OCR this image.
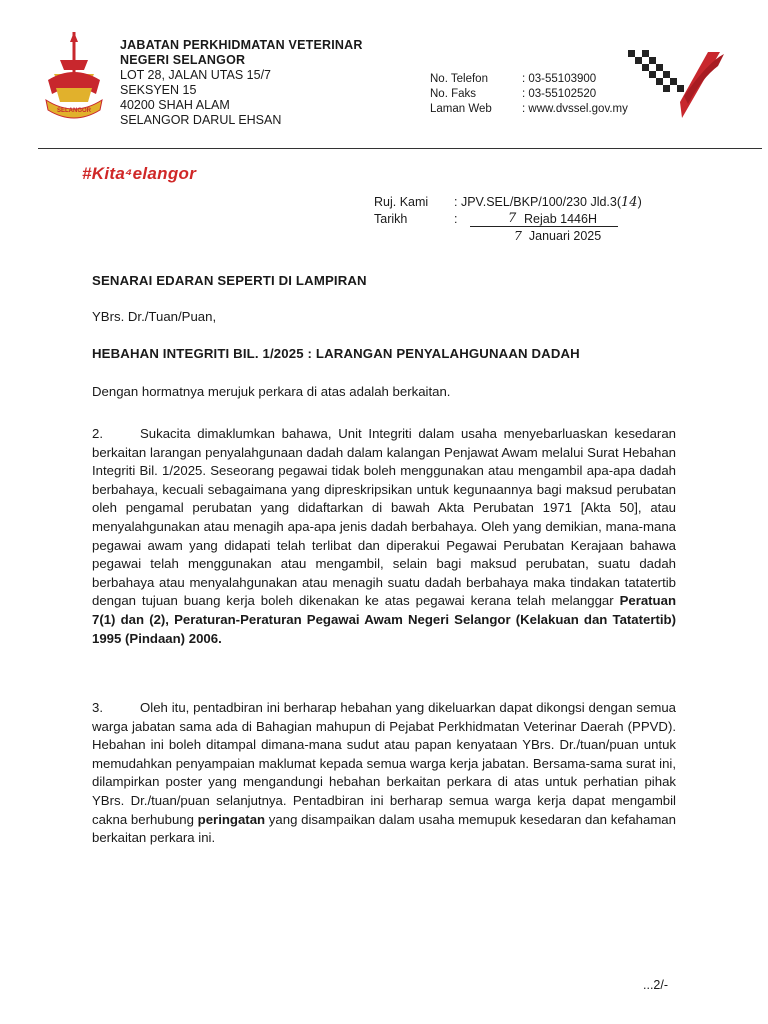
SELANGOR
JABATAN PERKHIDMATAN VETERINAR
NEGERI SELANGOR
LOT 28, JALAN UTAS 15/7
SEKSYEN 15
40200 SHAH ALAM
SELANGOR DARUL EHSAN
No. Telefon	: 03-55103900
No. Faks	: 03-55102520
Laman Web	: www.dvssel.gov.my
#Kita⁴elangor
Ruj. Kami	: JPV.SEL/BKP/100/230 Jld.3(14)
Tarikh	:	7 Rejab 1446H
7 Januari 2025
SENARAI EDARAN SEPERTI DI LAMPIRAN
YBrs. Dr./Tuan/Puan,
HEBAHAN INTEGRITI BIL. 1/2025 : LARANGAN PENYALAHGUNAAN DADAH
Dengan hormatnya merujuk perkara di atas adalah berkaitan.
2.	Sukacita dimaklumkan bahawa, Unit Integriti dalam usaha menyebarluaskan kesedaran berkaitan larangan penyalahgunaan dadah dalam kalangan Penjawat Awam melalui Surat Hebahan Integriti Bil. 1/2025. Seseorang pegawai tidak boleh menggunakan atau mengambil apa-apa dadah berbahaya, kecuali sebagaimana yang dipreskripsikan untuk kegunaannya bagi maksud perubatan oleh pengamal perubatan yang didaftarkan di bawah Akta Perubatan 1971 [Akta 50], atau menyalahgunakan atau menagih apa-apa jenis dadah berbahaya. Oleh yang demikian, mana-mana pegawai awam yang didapati telah terlibat dan diperakui Pegawai Perubatan Kerajaan bahawa pegawai telah menggunakan atau mengambil, selain bagi maksud perubatan, suatu dadah berbahaya atau menyalahgunakan atau menagih suatu dadah berbahaya maka tindakan tatatertib dengan tujuan buang kerja boleh dikenakan ke atas pegawai kerana telah melanggar Peratuan 7(1) dan (2), Peraturan-Peraturan Pegawai Awam Negeri Selangor (Kelakuan dan Tatatertib) 1995 (Pindaan) 2006.
3.	Oleh itu, pentadbiran ini berharap hebahan yang dikeluarkan dapat dikongsi dengan semua warga jabatan sama ada di Bahagian mahupun di Pejabat Perkhidmatan Veterinar Daerah (PPVD). Hebahan ini boleh ditampal dimana-mana sudut atau papan kenyataan YBrs. Dr./tuan/puan untuk memudahkan penyampaian maklumat kepada semua warga kerja jabatan. Bersama-sama surat ini, dilampirkan poster yang mengandungi hebahan berkaitan perkara di atas untuk perhatian pihak YBrs. Dr./tuan/puan selanjutnya. Pentadbiran ini berharap semua warga kerja dapat mengambil cakna berhubung peringatan yang disampaikan dalam usaha memupuk kesedaran dan kefahaman berkaitan perkara ini.
...2/-
